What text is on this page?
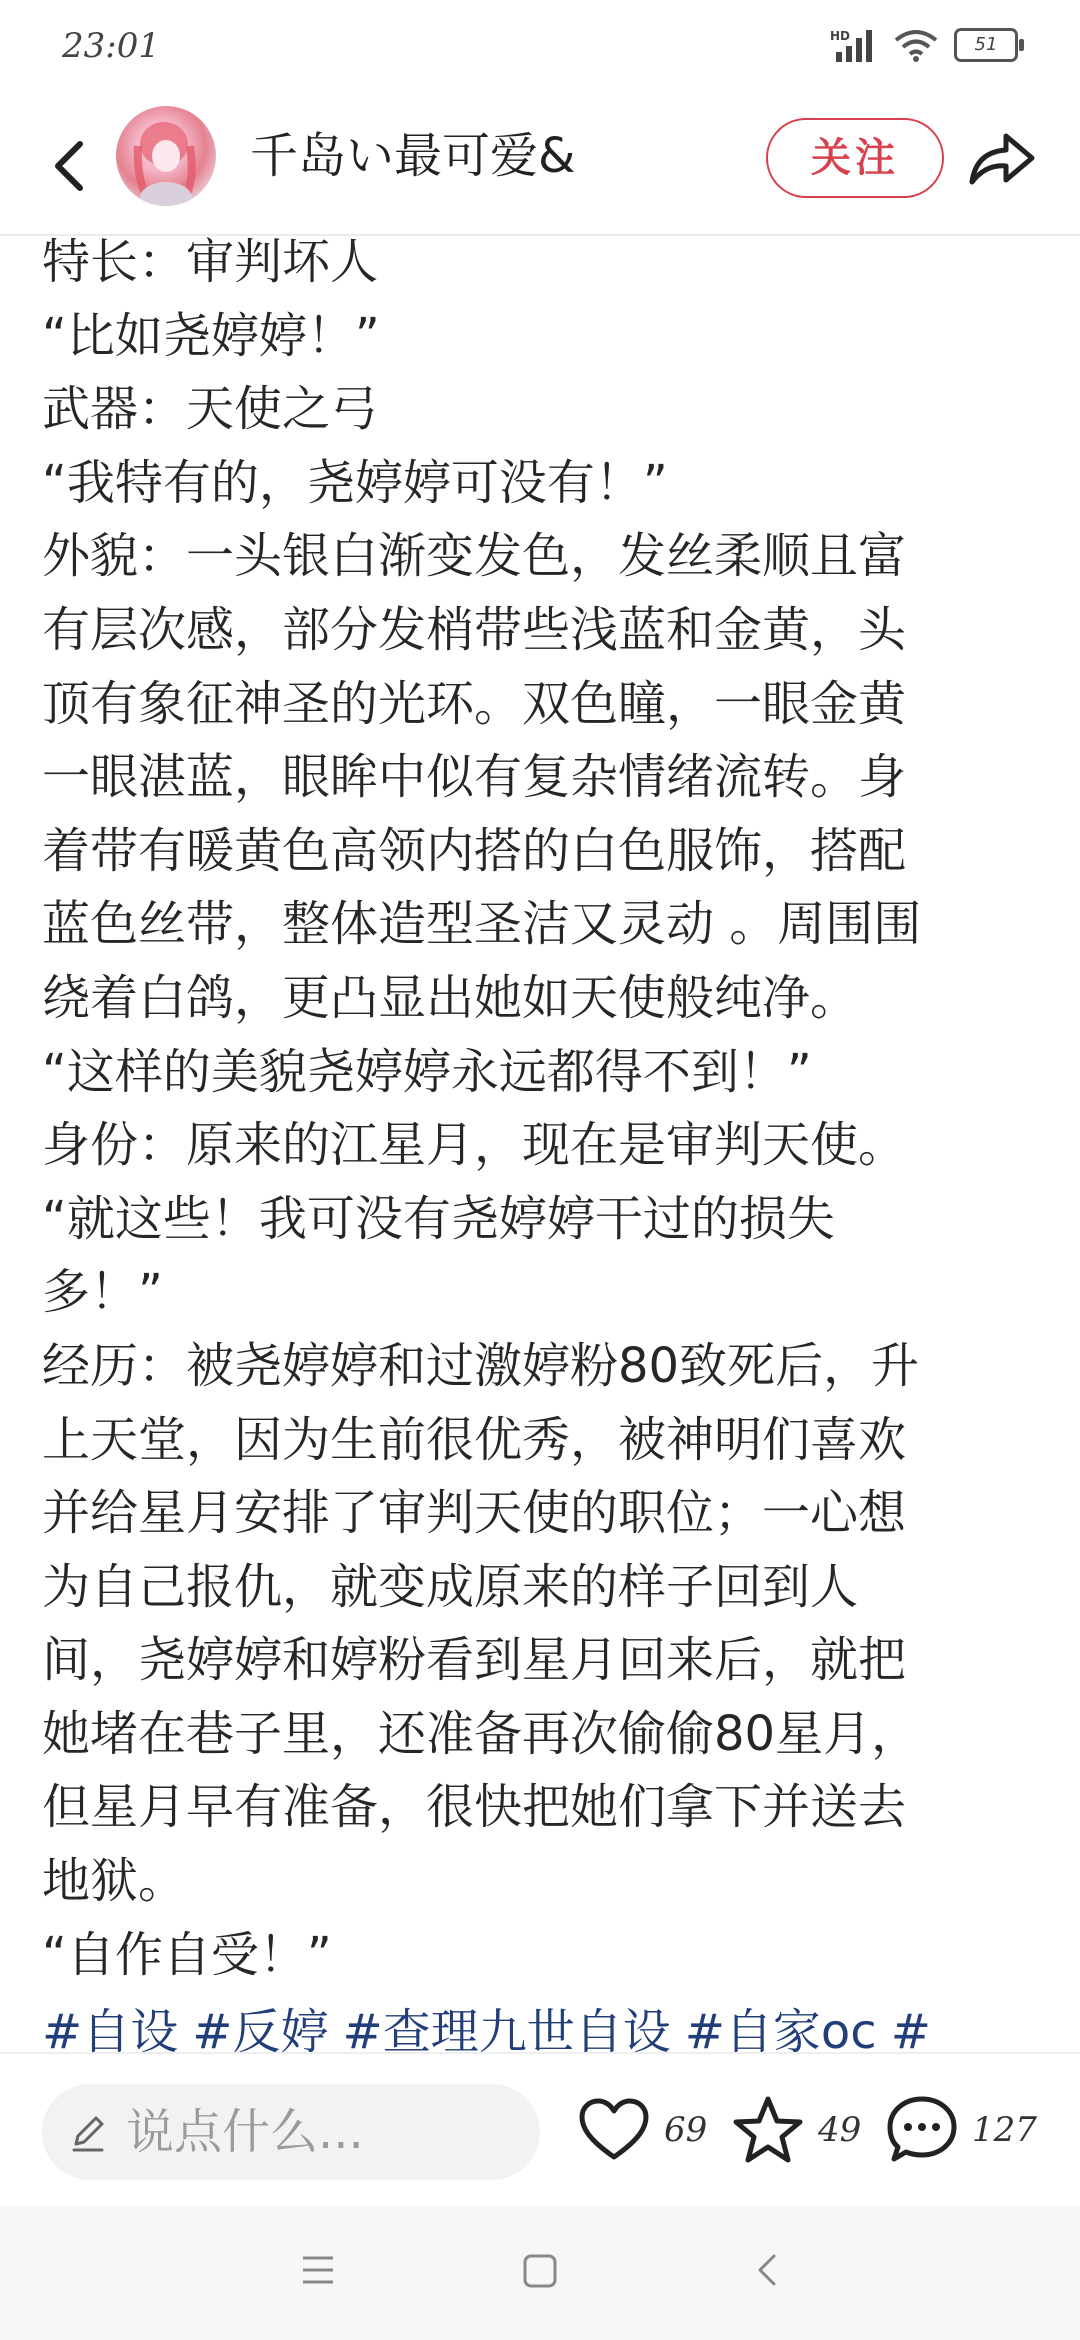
23:01	HD	51
千岛い最可爱&	关注

特长：审判坏人

“比如尧婷婷！”

武器：天使之弓

“我特有的，尧婷婷可没有！”

外貌：一头银白渐变发色，发丝柔顺且富

有层次感，部分发梢带些浅蓝和金黄，头

顶有象征神圣的光环。双色瞳，一眼金黄

一眼湛蓝，眼眸中似有复杂情绪流转。身

着带有暖黄色高领内搭的白色服饰，搭配

蓝色丝带，整体造型圣洁又灵动 。周围围

绕着白鸽，更凸显出她如天使般纯净。

“这样的美貌尧婷婷永远都得不到！”

身份：原来的江星月，现在是审判天使。

“就这些！我可没有尧婷婷干过的损失

多！”

经历：被尧婷婷和过激婷粉80致死后，升

上天堂，因为生前很优秀，被神明们喜欢

并给星月安排了审判天使的职位；一心想

为自己报仇，就变成原来的样子回到人

间，尧婷婷和婷粉看到星月回来后，就把

她堵在巷子里，还准备再次偷偷80星月，

但星月早有准备，很快把她们拿下并送去

地狱。

“自作自受！”

#自设 #反婷 #查理九世自设 #自家oc #
说点什么...	69	49	127
